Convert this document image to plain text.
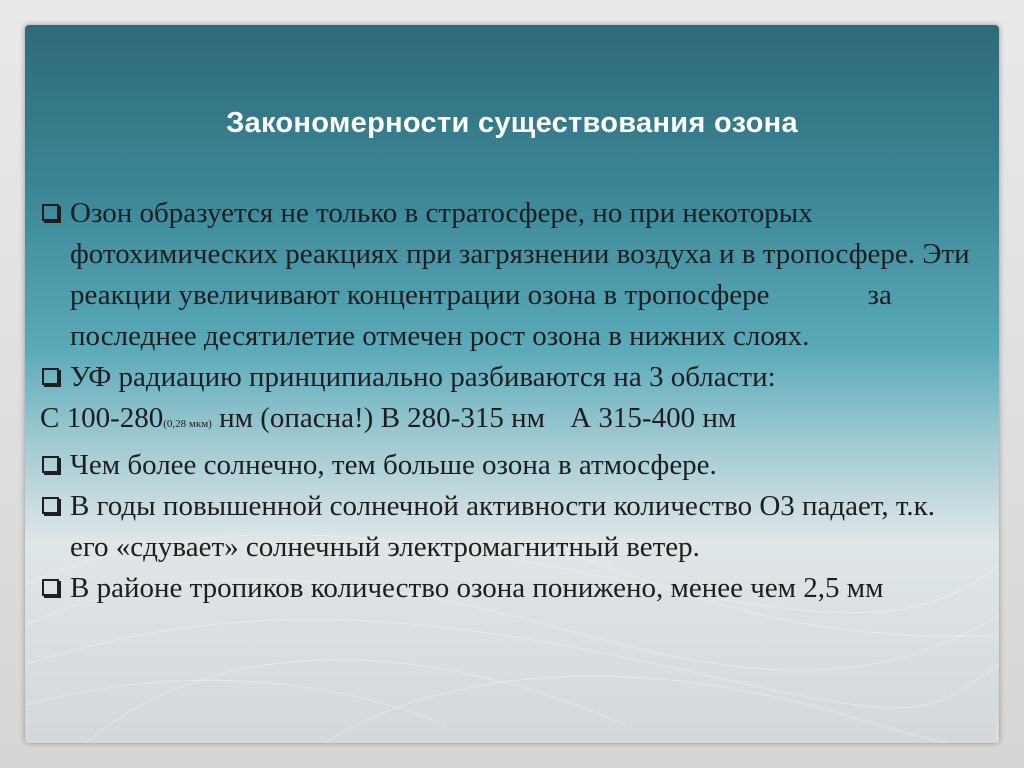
Закономерности существования озона

Озон образуется не только в стратосфере, но при некоторых фотохимических реакциях при загрязнении воздуха и в тропосфере. Эти реакции увеличивают концентрации озона в тропосфере	за последнее десятилетие отмечен рост озона в нижних слоях.

УФ радиацию принципиально разбиваются на 3 области:

С 100-280(0,28 мкм) нм (опасна!) В 280-315 нм А 315-400 нм

Чем более солнечно, тем больше озона в атмосфере.

В годы повышенной солнечной активности количество О3 падает, т.к. его «сдувает» солнечный электромагнитный ветер.

В районе тропиков количество озона понижено, менее чем 2,5 мм
